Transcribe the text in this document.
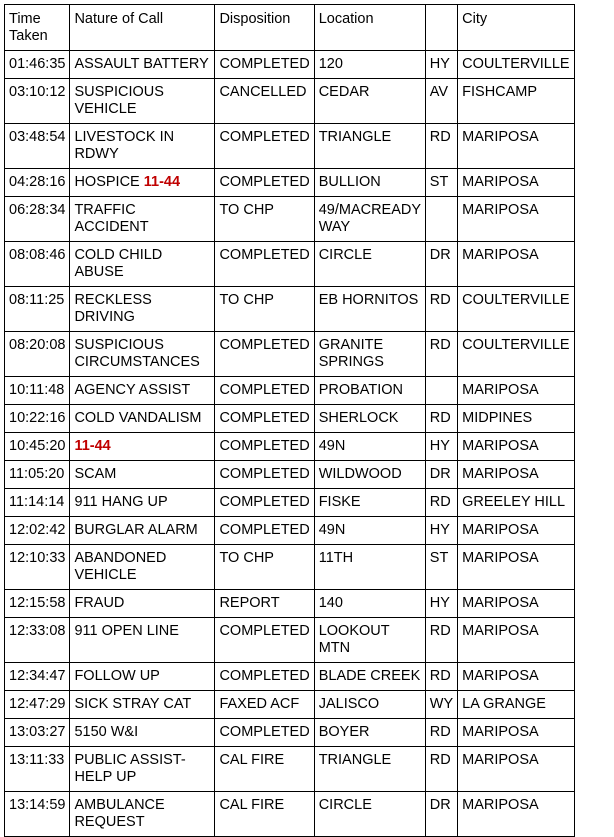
Time Taken	Nature of Call	Disposition	Location		City
01:46:35	ASSAULT BATTERY	COMPLETED	120	HY	COULTERVILLE
03:10:12	SUSPICIOUS VEHICLE	CANCELLED	CEDAR	AV	FISHCAMP
03:48:54	LIVESTOCK IN RDWY	COMPLETED	TRIANGLE	RD	MARIPOSA
04:28:16	HOSPICE 11-44	COMPLETED	BULLION	ST	MARIPOSA
06:28:34	TRAFFIC ACCIDENT	TO CHP	49/MACREADY WAY		MARIPOSA
08:08:46	COLD CHILD ABUSE	COMPLETED	CIRCLE	DR	MARIPOSA
08:11:25	RECKLESS DRIVING	TO CHP	EB HORNITOS	RD	COULTERVILLE
08:20:08	SUSPICIOUS CIRCUMSTANCES	COMPLETED	GRANITE SPRINGS	RD	COULTERVILLE
10:11:48	AGENCY ASSIST	COMPLETED	PROBATION		MARIPOSA
10:22:16	COLD VANDALISM	COMPLETED	SHERLOCK	RD	MIDPINES
10:45:20	11-44	COMPLETED	49N	HY	MARIPOSA
11:05:20	SCAM	COMPLETED	WILDWOOD	DR	MARIPOSA
11:14:14	911 HANG UP	COMPLETED	FISKE	RD	GREELEY HILL
12:02:42	BURGLAR ALARM	COMPLETED	49N	HY	MARIPOSA
12:10:33	ABANDONED VEHICLE	TO CHP	11TH	ST	MARIPOSA
12:15:58	FRAUD	REPORT	140	HY	MARIPOSA
12:33:08	911 OPEN LINE	COMPLETED	LOOKOUT MTN	RD	MARIPOSA
12:34:47	FOLLOW UP	COMPLETED	BLADE CREEK	RD	MARIPOSA
12:47:29	SICK STRAY CAT	FAXED ACF	JALISCO	WY	LA GRANGE
13:03:27	5150 W&I	COMPLETED	BOYER	RD	MARIPOSA
13:11:33	PUBLIC ASSIST-HELP UP	CAL FIRE	TRIANGLE	RD	MARIPOSA
13:14:59	AMBULANCE REQUEST	CAL FIRE	CIRCLE	DR	MARIPOSA
